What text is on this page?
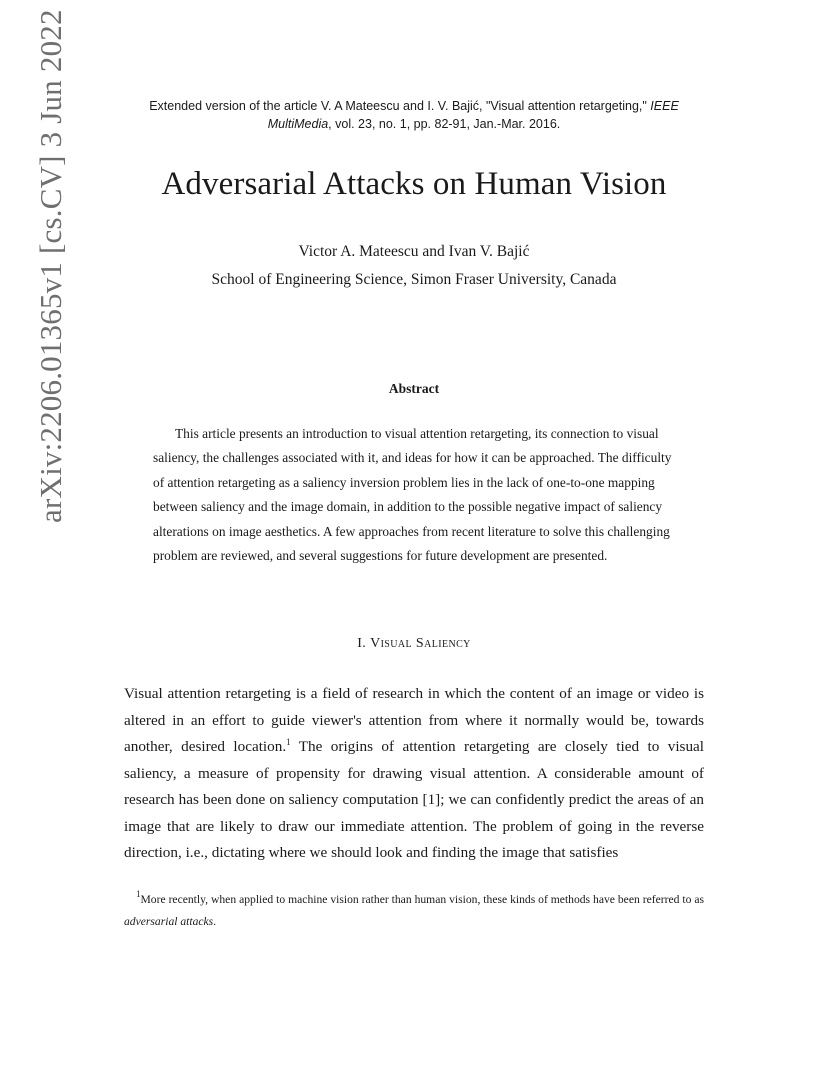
arXiv:2206.01365v1 [cs.CV] 3 Jun 2022	Extended version of the article V. A Mateescu and I. V. Bajić, "Visual attention retargeting," IEEE MultiMedia, vol. 23, no. 1, pp. 82-91, Jan.-Mar. 2016.
Adversarial Attacks on Human Vision
Victor A. Mateescu and Ivan V. Bajić
School of Engineering Science, Simon Fraser University, Canada
Abstract

This article presents an introduction to visual attention retargeting, its connection to visual saliency, the challenges associated with it, and ideas for how it can be approached. The difficulty of attention retargeting as a saliency inversion problem lies in the lack of one-to-one mapping between saliency and the image domain, in addition to the possible negative impact of saliency alterations on image aesthetics. A few approaches from recent literature to solve this challenging problem are reviewed, and several suggestions for future development are presented.

I. Visual Saliency

Visual attention retargeting is a field of research in which the content of an image or video is altered in an effort to guide viewer's attention from where it normally would be, towards another, desired location.$^1$ The origins of attention retargeting are closely tied to visual saliency, a measure of propensity for drawing visual attention. A considerable amount of research has been done on saliency computation [1]; we can confidently predict the areas of an image that are likely to draw our immediate attention. The problem of going in the reverse direction, i.e., dictating where we should look and finding the image that satisfies

$^1$More recently, when applied to machine vision rather than human vision, these kinds of methods have been referred to as adversarial attacks.
